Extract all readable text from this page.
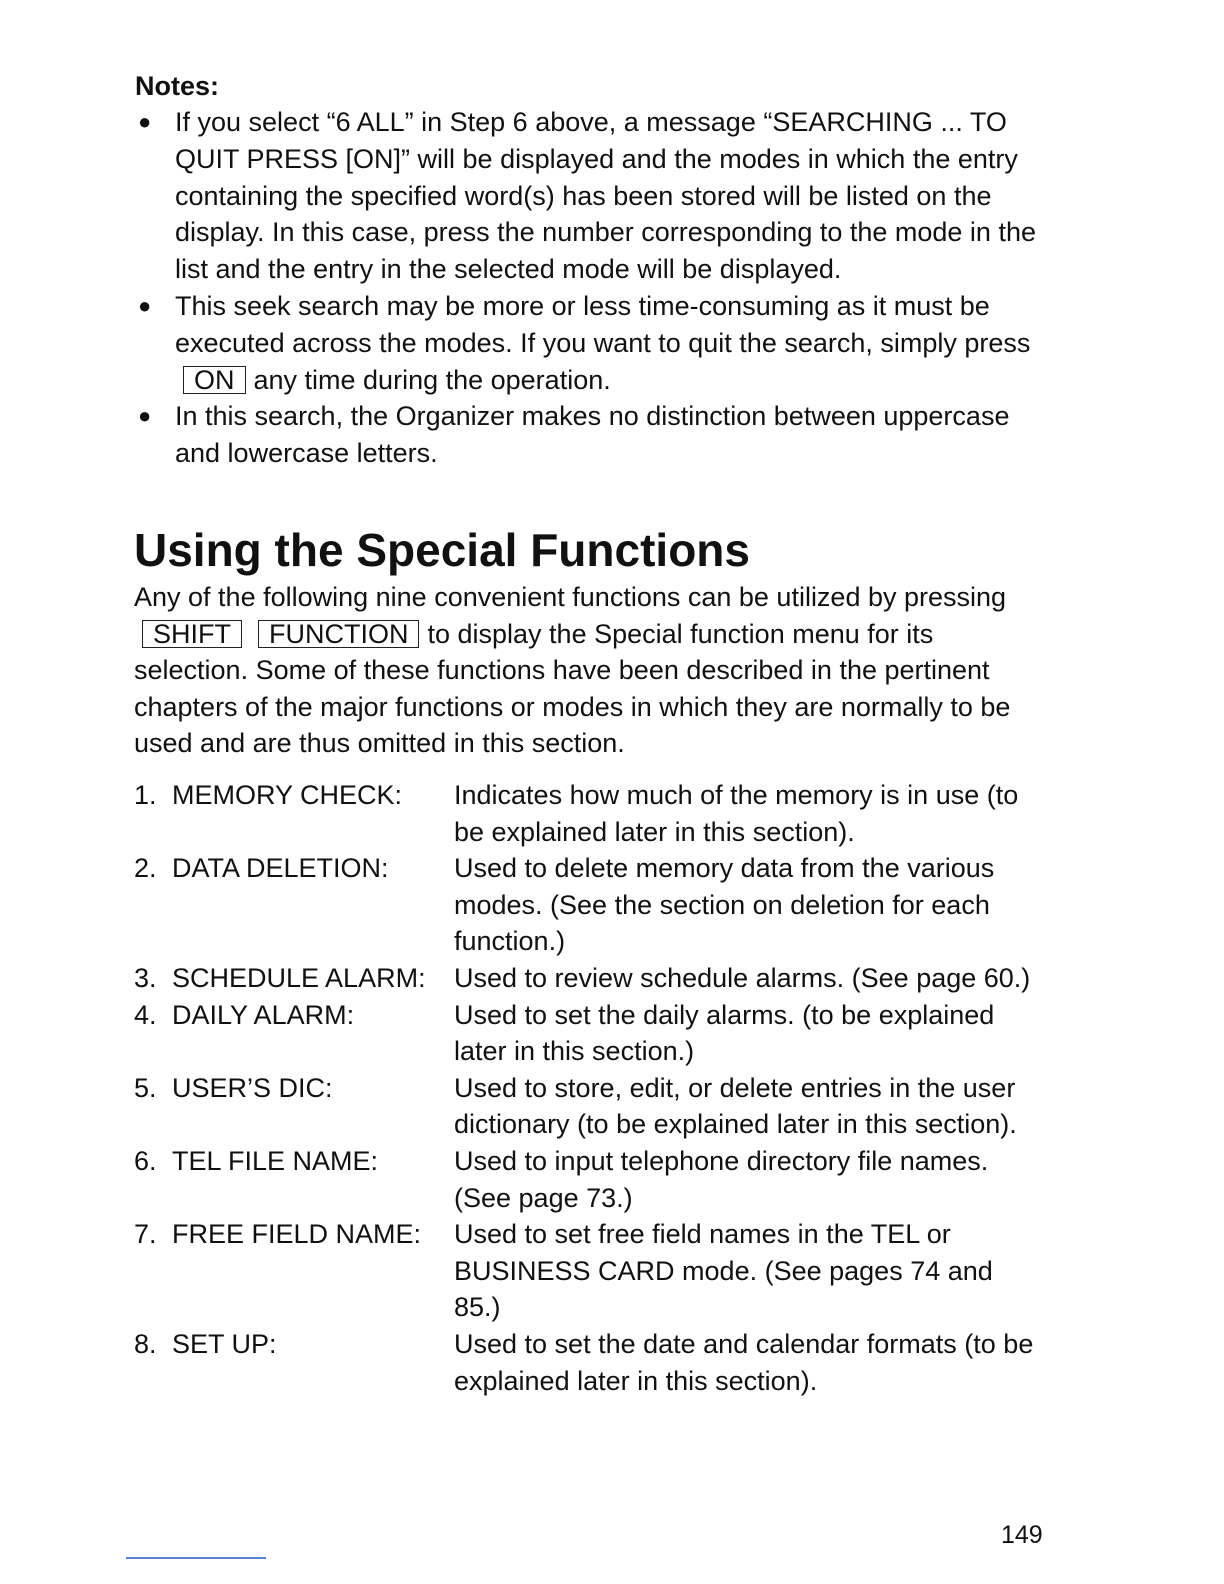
Notes:
● If you select “6 ALL” in Step 6 above, a message “SEARCHING ... TO QUIT PRESS [ON]” will be displayed and the modes in which the entry containing the specified word(s) has been stored will be listed on the display. In this case, press the number corresponding to the mode in the list and the entry in the selected mode will be displayed.
● This seek search may be more or less time-consuming as it must be executed across the modes. If you want to quit the search, simply pressON any time during the operation.
● In this search, the Organizer makes no distinction between uppercase and lowercase letters.
Using the Special Functions

Any of the following nine convenient functions can be utilized by pressingSHIFT FUNCTION to display the Special function menu for its selection. Some of these functions have been described in the pertinent chapters of the major functions or modes in which they are normally to be used and are thus omitted in this section.

1. MEMORY CHECK:	Indicates how much of the memory is in use (to be explained later in this section).
2. DATA DELETION:	Used to delete memory data from the various modes. (See the section on deletion for each function.)
3. SCHEDULE ALARM:	Used to review schedule alarms. (See page 60.)
4. DAILY ALARM:	Used to set the daily alarms. (to be explained later in this section.)
5. USER’S DIC:	Used to store, edit, or delete entries in the user dictionary (to be explained later in this section).
6. TEL FILE NAME:	Used to input telephone directory file names. (See page 73.)
7. FREE FIELD NAME:	Used to set free field names in the TEL or BUSINESS CARD mode. (See pages 74 and 85.)
8. SET UP:	Used to set the date and calendar formats (to be explained later in this section).
149
